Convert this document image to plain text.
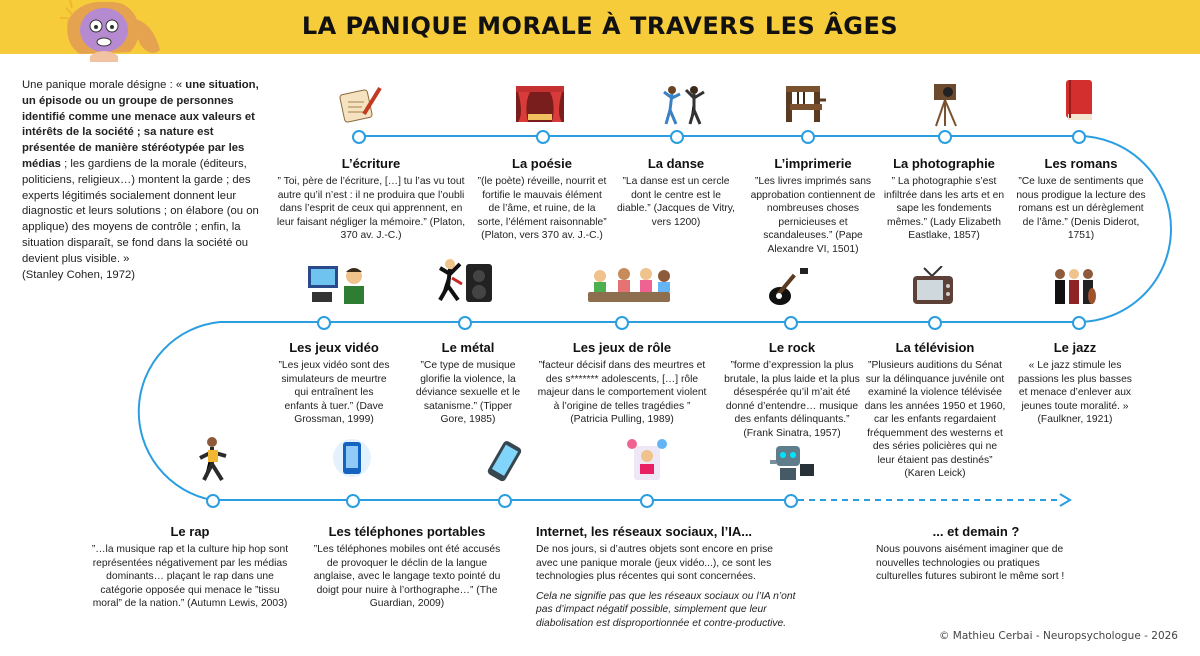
LA PANIQUE MORALE À TRAVERS LES ÂGES
Une panique morale désigne : « une situation, un épisode ou un groupe de personnes identifié comme une menace aux valeurs et intérêts de la société ; sa nature est présentée de manière stéréotypée par les médias ; les gardiens de la morale (éditeurs, politiciens, religieux…) montent la garde ; des experts légitimés socialement donnent leur diagnostic et leurs solutions ; on élabore (ou on applique) des moyens de contrôle ; enfin, la situation disparaît, se fond dans la société ou devient plus visible. »
(Stanley Cohen, 1972)
L’écriture
” Toi, père de l’écriture, […] tu l’as vu tout autre qu’il n’est : il ne produira que l’oubli dans l’esprit de ceux qui apprennent, en leur faisant négliger la mémoire.” (Platon, 370 av. J.-C.)
La poésie
”(le poète) réveille, nourrit et fortifie le mauvais élément de l’âme, et ruine, de la sorte, l’élément raisonnable” (Platon, vers 370 av. J.-C.)
La danse
”La danse est un cercle dont le centre est le diable.” (Jacques de Vitry, vers 1200)
L’imprimerie
”Les livres imprimés sans approbation contiennent de nombreuses choses pernicieuses et scandaleuses.” (Pape Alexandre VI, 1501)
La photographie
” La photographie s’est infiltrée dans les arts et en sape les fondements mêmes.” (Lady Elizabeth Eastlake, 1857)
Les romans
”Ce luxe de sentiments que nous prodigue la lecture des romans est un dérèglement de l’âme.” (Denis Diderot, 1751)
Les jeux vidéo
”Les jeux vidéo sont des simulateurs de meurtre qui entraînent les enfants à tuer.” (Dave Grossman, 1999)
Le métal
”Ce type de musique glorifie la violence, la déviance sexuelle et le satanisme.” (Tipper Gore, 1985)
Les jeux de rôle
”facteur décisif dans des meurtres et des s******* adolescents, […] rôle majeur dans le comportement violent à l’origine de telles tragédies ” (Patricia Pulling, 1989)
Le rock
”forme d’expression la plus brutale, la plus laide et la plus désespérée qu’il m’ait été donné d’entendre… musique des enfants délinquants.” (Frank Sinatra, 1957)
La télévision
”Plusieurs auditions du Sénat sur la délinquance juvénile ont examiné la violence télévisée dans les années 1950 et 1960, car les enfants regardaient fréquemment des westerns et des séries policières qui ne leur étaient pas destinés” (Karen Leick)
Le jazz
« Le jazz stimule les passions les plus basses et menace d’enlever aux jeunes toute moralité. » (Faulkner, 1921)
Le rap
”…la musique rap et la culture hip hop sont représentées négativement par les médias dominants… plaçant le rap dans une catégorie opposée qui menace le ”tissu moral” de la nation.” (Autumn Lewis, 2003)
Les téléphones portables
”Les téléphones mobiles ont été accusés de provoquer le déclin de la langue anglaise, avec le langage texto pointé du doigt pour nuire à l’orthographe…” (The Guardian, 2009)
Internet, les réseaux sociaux, l’IA...
De nos jours, si d’autres objets sont encore en prise avec une panique morale (jeux vidéo...), ce sont les technologies plus récentes qui sont concernées.
Cela ne signifie pas que les réseaux sociaux ou l’IA n’ont pas d’impact négatif possible, simplement que leur diabolisation est disproportionnée et contre-productive.
... et demain ?
Nous pouvons aisément imaginer que de nouvelles technologies ou pratiques culturelles futures subiront le même sort !
© Mathieu Cerbai - Neuropsychologue - 2026
